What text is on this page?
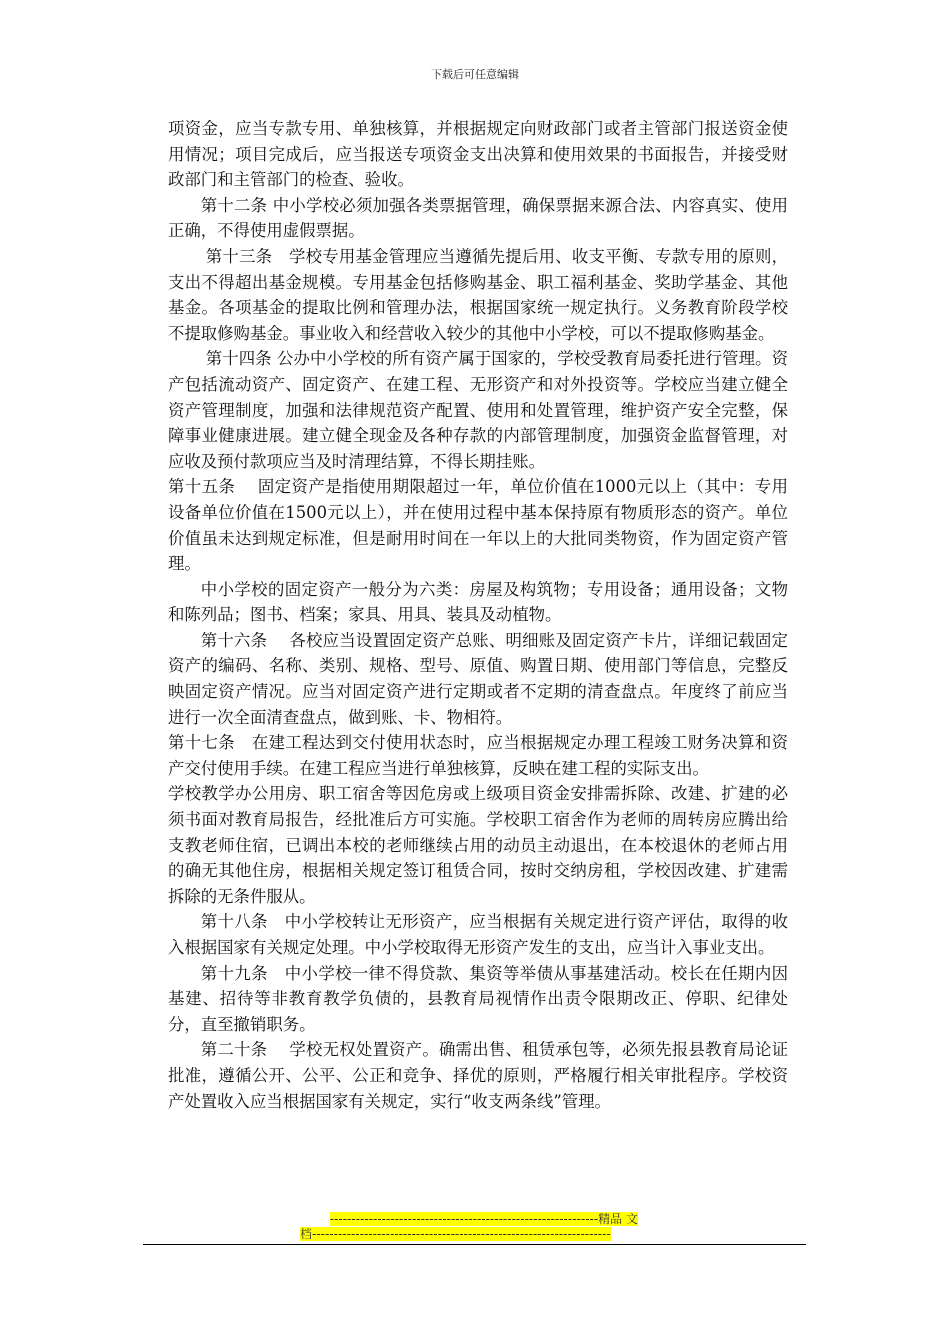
下载后可任意编辑

项资金，应当专款专用、单独核算，并根据规定向财政部门或者主管部门报送资金使用情况；项目完成后，应当报送专项资金支出决算和使用效果的书面报告，并接受财政部门和主管部门的检查、验收。

第十二条 中小学校必须加强各类票据管理，确保票据来源合法、内容真实、使用正确，不得使用虚假票据。

第十三条　学校专用基金管理应当遵循先提后用、收支平衡、专款专用的原则，支出不得超出基金规模。专用基金包括修购基金、职工福利基金、奖助学基金、其他基金。各项基金的提取比例和管理办法，根据国家统一规定执行。义务教育阶段学校不提取修购基金。事业收入和经营收入较少的其他中小学校，可以不提取修购基金。

第十四条 公办中小学校的所有资产属于国家的，学校受教育局委托进行管理。资产包括流动资产、固定资产、在建工程、无形资产和对外投资等。学校应当建立健全资产管理制度，加强和法律规范资产配置、使用和处置管理，维护资产安全完整，保障事业健康进展。建立健全现金及各种存款的内部管理制度，加强资金监督管理，对应收及预付款项应当及时清理结算，不得长期挂账。

第十五条　 固定资产是指使用期限超过一年，单位价值在1000元以上（其中：专用设备单位价值在1500元以上），并在使用过程中基本保持原有物质形态的资产。单位价值虽未达到规定标准，但是耐用时间在一年以上的大批同类物资，作为固定资产管理。

中小学校的固定资产一般分为六类：房屋及构筑物；专用设备；通用设备；文物和陈列品；图书、档案；家具、用具、装具及动植物。

第十六条　 各校应当设置固定资产总账、明细账及固定资产卡片，详细记载固定资产的编码、名称、类别、规格、型号、原值、购置日期、使用部门等信息，完整反映固定资产情况。应当对固定资产进行定期或者不定期的清查盘点。年度终了前应当进行一次全面清查盘点，做到账、卡、物相符。

第十七条　在建工程达到交付使用状态时，应当根据规定办理工程竣工财务决算和资产交付使用手续。在建工程应当进行单独核算，反映在建工程的实际支出。

学校教学办公用房、职工宿舍等因危房或上级项目资金安排需拆除、改建、扩建的必须书面对教育局报告，经批准后方可实施。学校职工宿舍作为老师的周转房应腾出给支教老师住宿，已调出本校的老师继续占用的动员主动退出，在本校退休的老师占用的确无其他住房，根据相关规定签订租赁合同，按时交纳房租，学校因改建、扩建需拆除的无条件服从。

第十八条　中小学校转让无形资产，应当根据有关规定进行资产评估，取得的收入根据国家有关规定处理。中小学校取得无形资产发生的支出，应当计入事业支出。

第十九条　中小学校一律不得贷款、集资等举债从事基建活动。校长在任期内因基建、招待等非教育教学负债的，县教育局视情作出责令限期改正、停职、纪律处分，直至撤销职务。

第二十条　 学校无权处置资产。确需出售、租赁承包等，必须先报县教育局论证批准，遵循公开、公平、公正和竞争、择优的原则，严格履行相关审批程序。学校资产处置收入应当根据国家有关规定，实行“收支两条线”管理。

--------------------------------------------------------------精品 文
档---------------------------------------------------------------------
